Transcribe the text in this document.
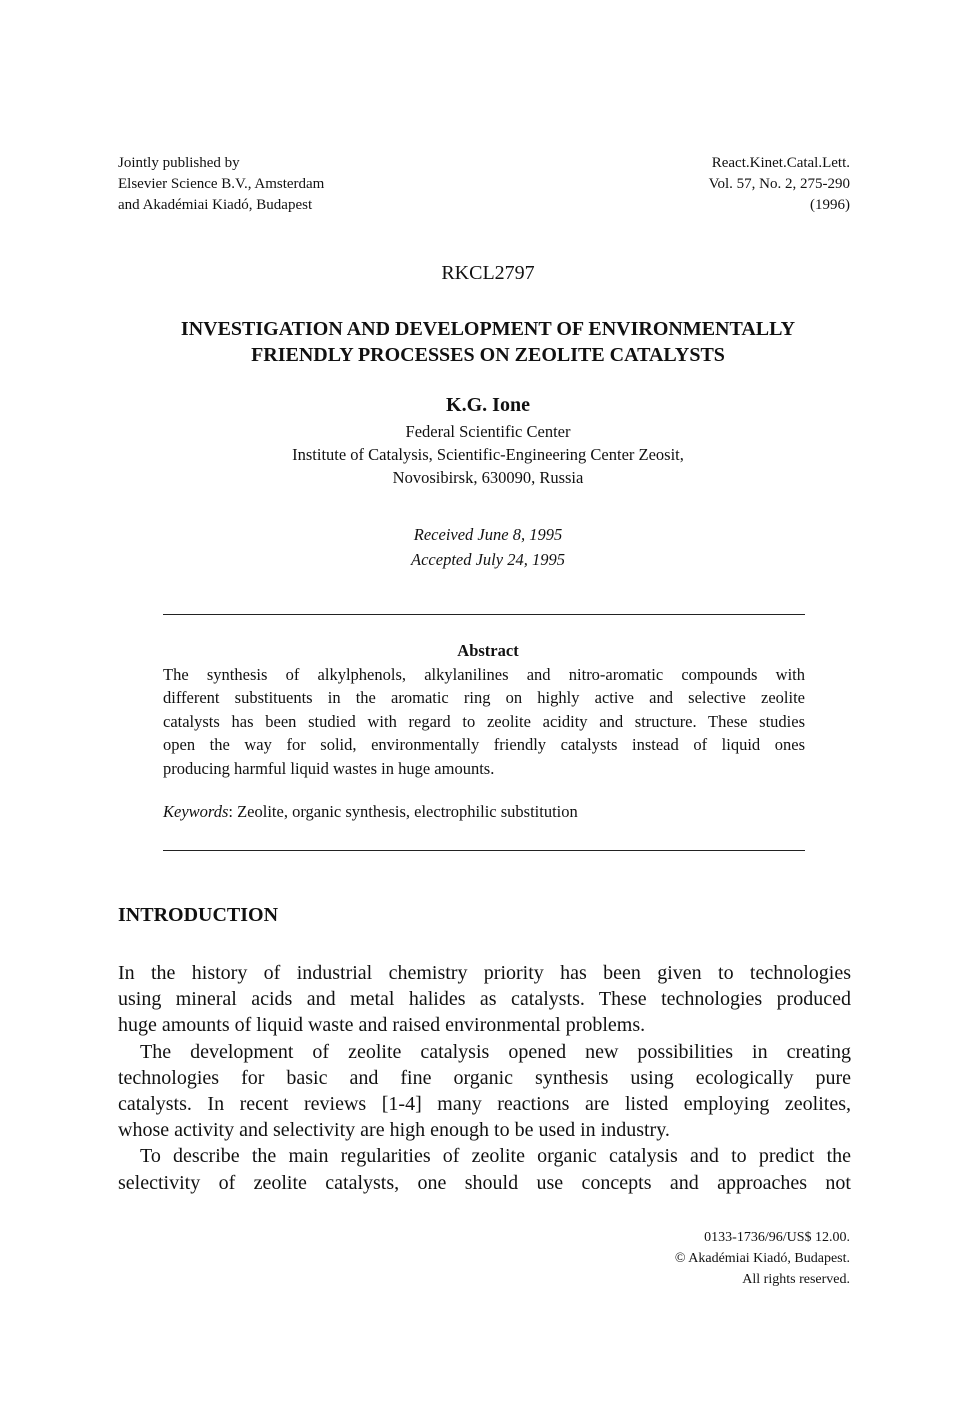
Jointly published by
Elsevier Science B.V., Amsterdam
and Akadémiai Kiadó, Budapest
React.Kinet.Catal.Lett.
Vol. 57, No. 2, 275-290
(1996)
RKCL2797
INVESTIGATION AND DEVELOPMENT OF ENVIRONMENTALLY
FRIENDLY PROCESSES ON ZEOLITE CATALYSTS
K.G. Ione
Federal Scientific Center
Institute of Catalysis, Scientific-Engineering Center Zeosit,
Novosibirsk, 630090, Russia
Received June 8, 1995
Accepted July 24, 1995
Abstract
The synthesis of alkylphenols, alkylanilines and nitro-aromatic compounds with
different substituents in the aromatic ring on highly active and selective zeolite
catalysts has been studied with regard to zeolite acidity and structure. These studies
open the way for solid, environmentally friendly catalysts instead of liquid ones
producing harmful liquid wastes in huge amounts.
Keywords: Zeolite, organic synthesis, electrophilic substitution
INTRODUCTION
In the history of industrial chemistry priority has been given to technologies
using mineral acids and metal halides as catalysts. These technologies produced
huge amounts of liquid waste and raised environmental problems.
The development of zeolite catalysis opened new possibilities in creating
technologies for basic and fine organic synthesis using ecologically pure
catalysts. In recent reviews [1-4] many reactions are listed employing zeolites,
whose activity and selectivity are high enough to be used in industry.
To describe the main regularities of zeolite organic catalysis and to predict the
selectivity of zeolite catalysts, one should use concepts and approaches not
0133-1736/96/US$ 12.00.
© Akadémiai Kiadó, Budapest.
All rights reserved.
